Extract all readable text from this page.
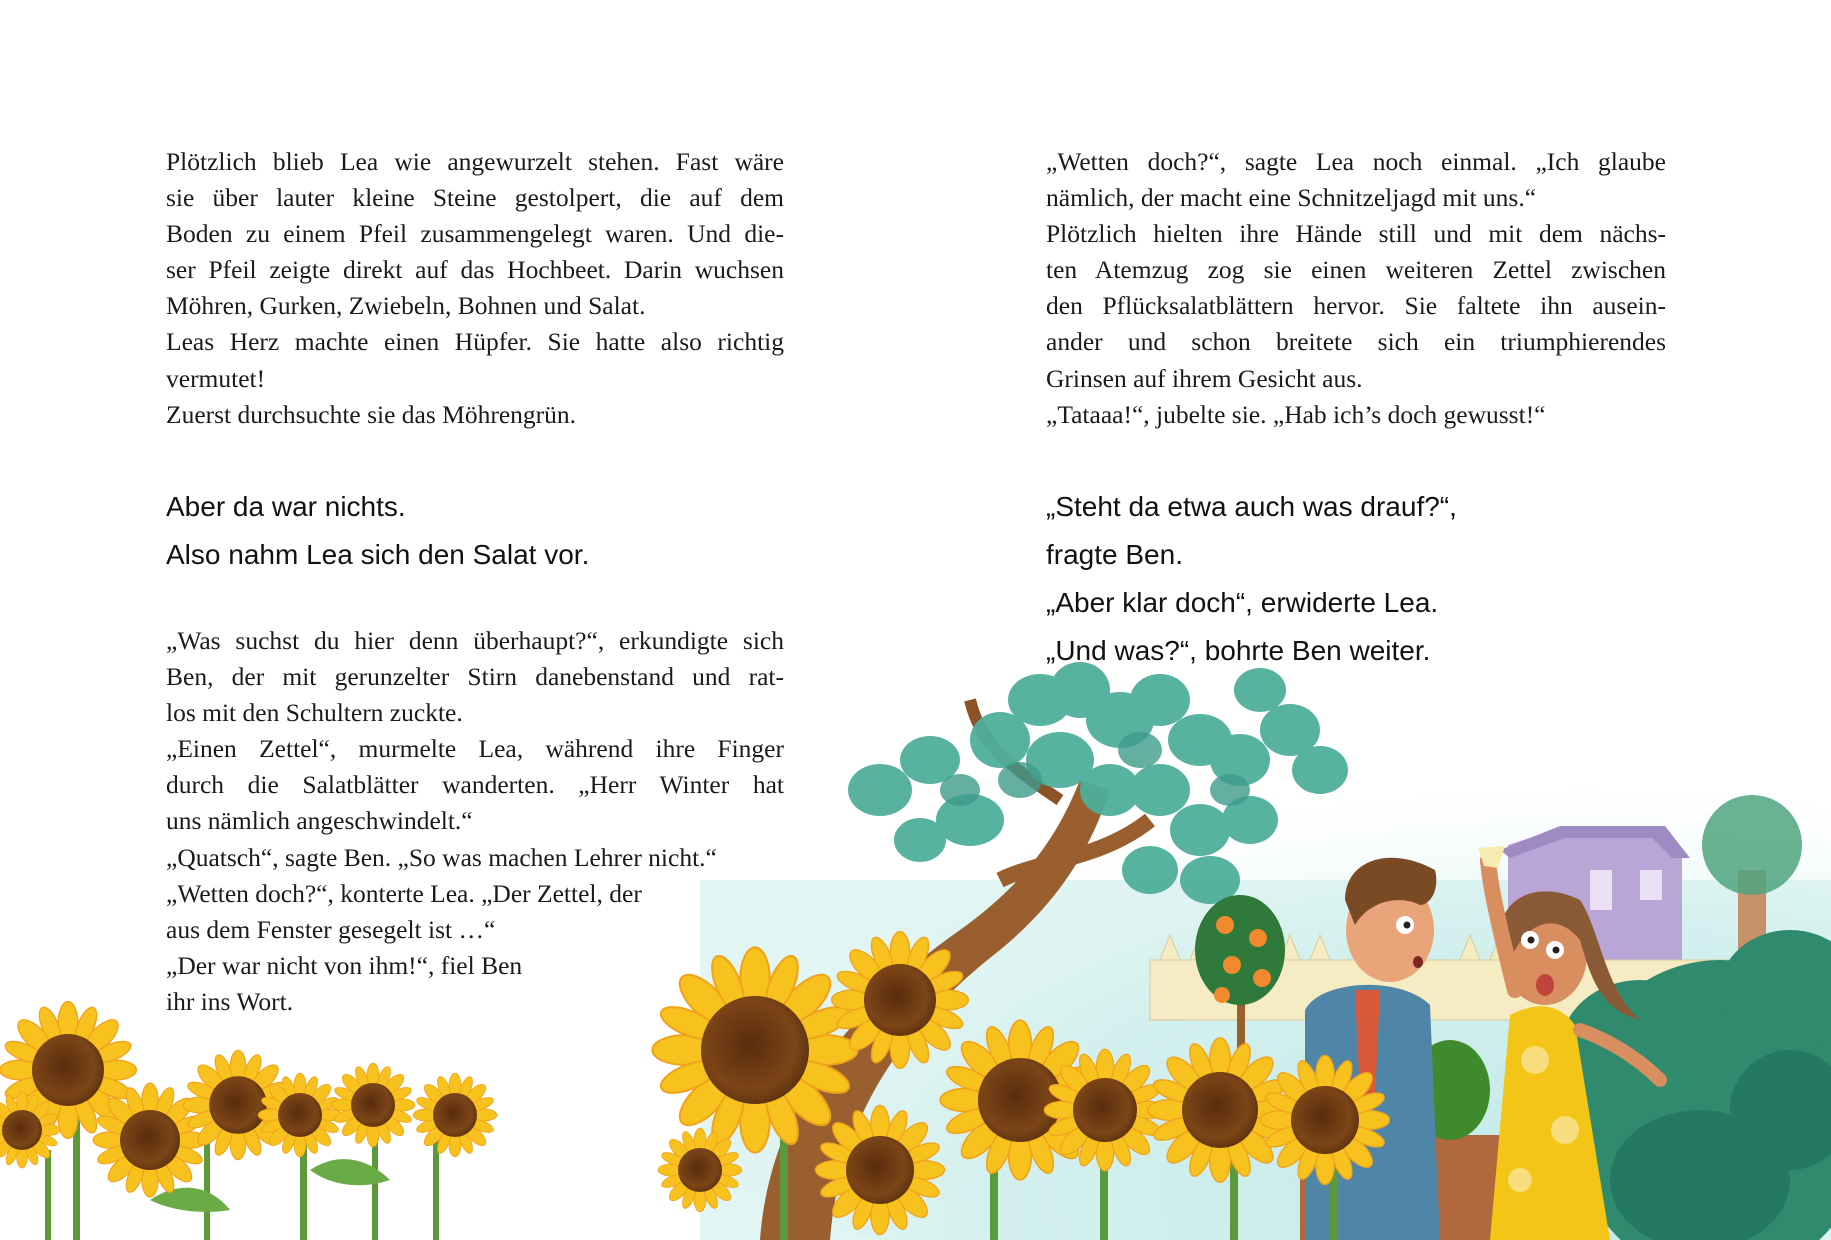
Plötzlich blieb Lea wie angewurzelt stehen. Fast wäre
sie über lauter kleine Steine gestolpert, die auf dem
Boden zu einem Pfeil zusammengelegt waren. Und die-
ser Pfeil zeigte direkt auf das Hochbeet. Darin wuchsen
Möhren, Gurken, Zwiebeln, Bohnen und Salat.
Leas Herz machte einen Hüpfer. Sie hatte also richtig
vermutet!
Zuerst durchsuchte sie das Möhrengrün.
Aber da war nichts.
Also nahm Lea sich den Salat vor.
„Was suchst du hier denn überhaupt?“, erkundigte sich
Ben, der mit gerunzelter Stirn danebenstand und rat-
los mit den Schultern zuckte.
„Einen Zettel“, murmelte Lea, während ihre Finger
durch die Salatblätter wanderten. „Herr Winter hat
uns nämlich angeschwindelt.“
„Quatsch“, sagte Ben. „So was machen Lehrer nicht.“
„Wetten doch?“, konterte Lea. „Der Zettel, der
aus dem Fenster gesegelt ist …“
„Der war nicht von ihm!“, fiel Ben
ihr ins Wort.
„Wetten doch?“, sagte Lea noch einmal. „Ich glaube
nämlich, der macht eine Schnitzeljagd mit uns.“
Plötzlich hielten ihre Hände still und mit dem nächs-
ten Atemzug zog sie einen weiteren Zettel zwischen
den Pflücksalatblättern hervor. Sie faltete ihn ausein-
ander und schon breitete sich ein triumphierendes
Grinsen auf ihrem Gesicht aus.
„Tataaa!“, jubelte sie. „Hab ich’s doch gewusst!“
„Steht da etwa auch was drauf?“,
fragte Ben.
„Aber klar doch“, erwiderte Lea.
„Und was?“, bohrte Ben weiter.
